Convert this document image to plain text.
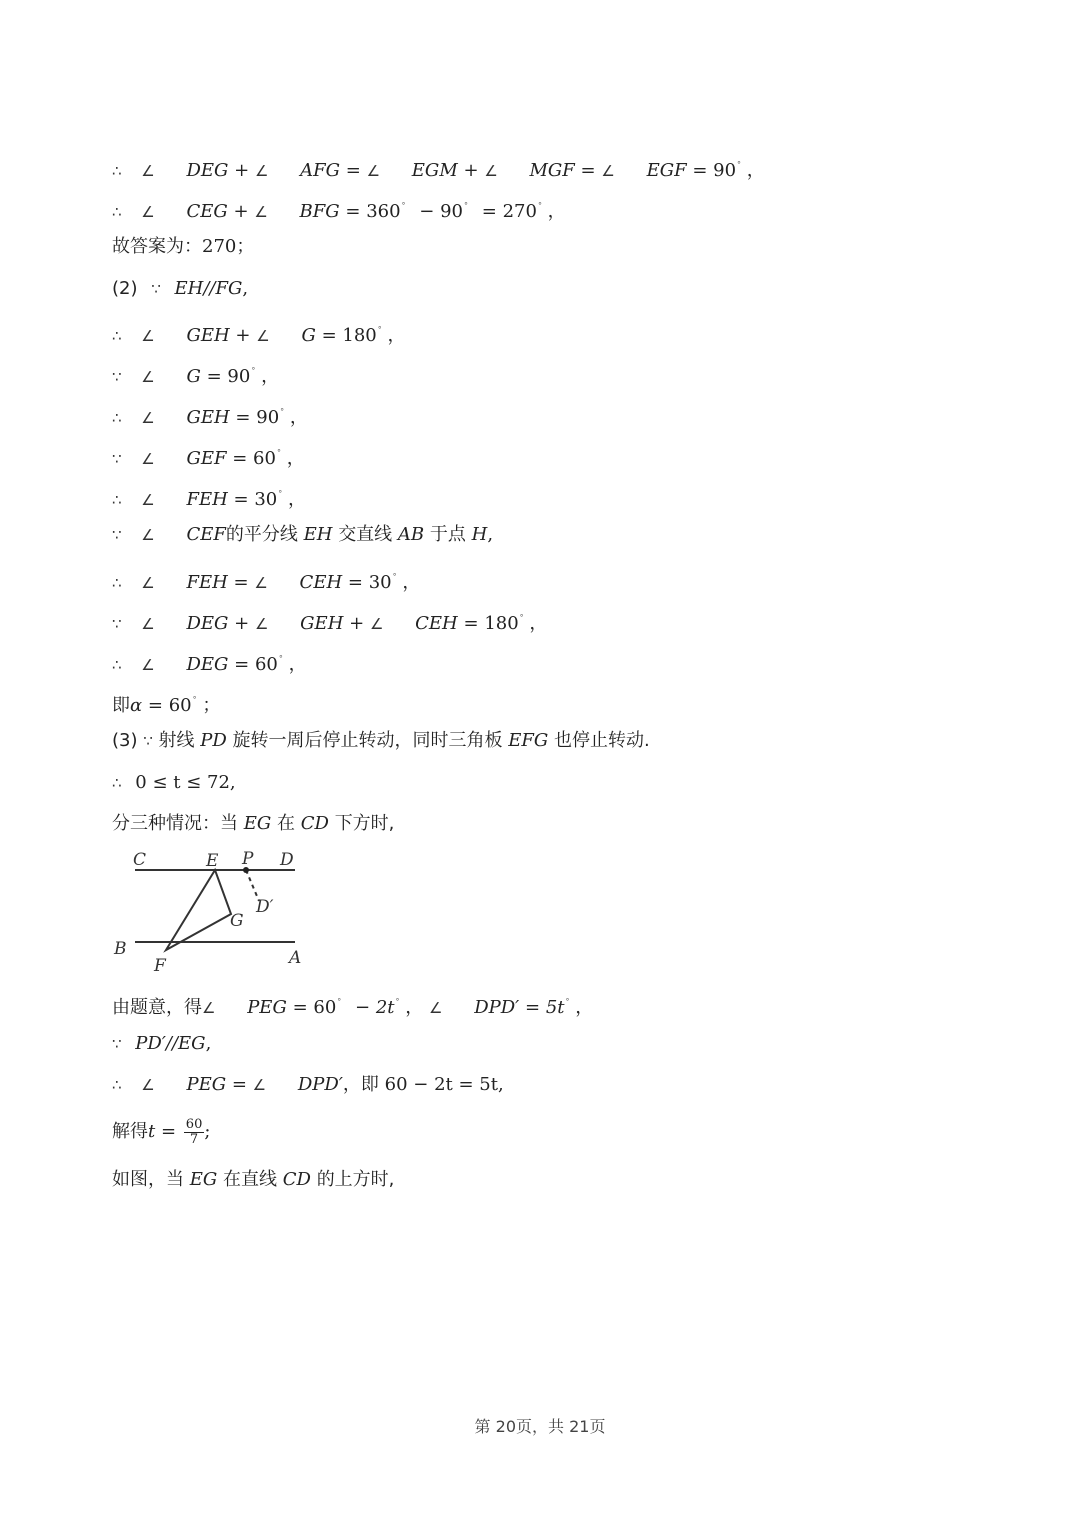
∴ ∠ DEG + ∠ AFG = ∠ EGM + ∠ MGF = ∠ EGF = 90° ，
∴ ∠ CEG + ∠ BFG = 360° − 90° = 270° ，
故答案为：270；
(2) ∵ EH//FG,
∴ ∠ GEH + ∠ G = 180° ，
∵ ∠ G = 90° ，
∴ ∠ GEH = 90° ，
∵ ∠ GEF = 60° ，
∴ ∠ FEH = 30° ，
∵ ∠ CEF的平分线 EH 交直线 AB 于点 H,
∴ ∠ FEH = ∠ CEH = 30° ，
∵ ∠ DEG + ∠ GEH + ∠ CEH = 180° ，
∴ ∠ DEG = 60° ，
即α = 60° ；
(3) ∵ 射线 PD 旋转一周后停止转动，同时三角板 EFG 也停止转动.
∴ 0 ≤ t ≤ 72,
分三种情况：当 EG 在 CD 下方时,
C	E P D
D′
G
B
F	A
由题意，得∠ PEG = 60° − 2t° ， ∠ DPD′ = 5t° ，
∵ PD′//EG,
∴ ∠ PEG = ∠ DPD′，即 60 − 2t = 5t,
解得$t = \frac{60}{7}$ ;
如图，当 EG 在直线 CD 的上方时,
第 20页，共 21页
